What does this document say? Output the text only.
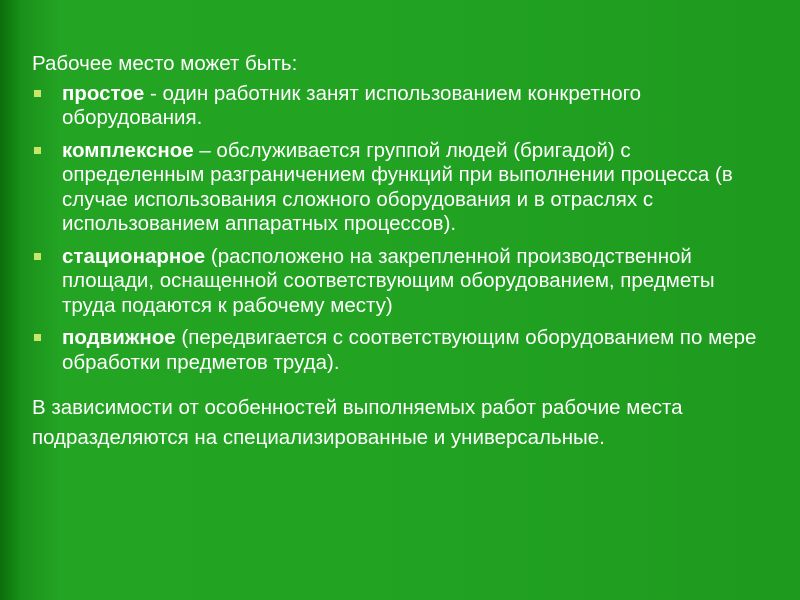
Рабочее место может быть:

простое - один работник занят использованием конкретного оборудования.
комплексное – обслуживается группой людей (бригадой) с определенным разграничением функций при выполнении процесса (в случае использования сложного оборудования и в отраслях с использованием аппаратных процессов).
стационарное (расположено на закрепленной производственной площади, оснащенной соответствующим оборудованием, предметы труда подаются к рабочему месту)
подвижное (передвигается с соответствующим оборудованием по мере обработки предметов труда).

В зависимости от особенностей выполняемых работ рабочие места подразделяются на специализированные и универсальные.
